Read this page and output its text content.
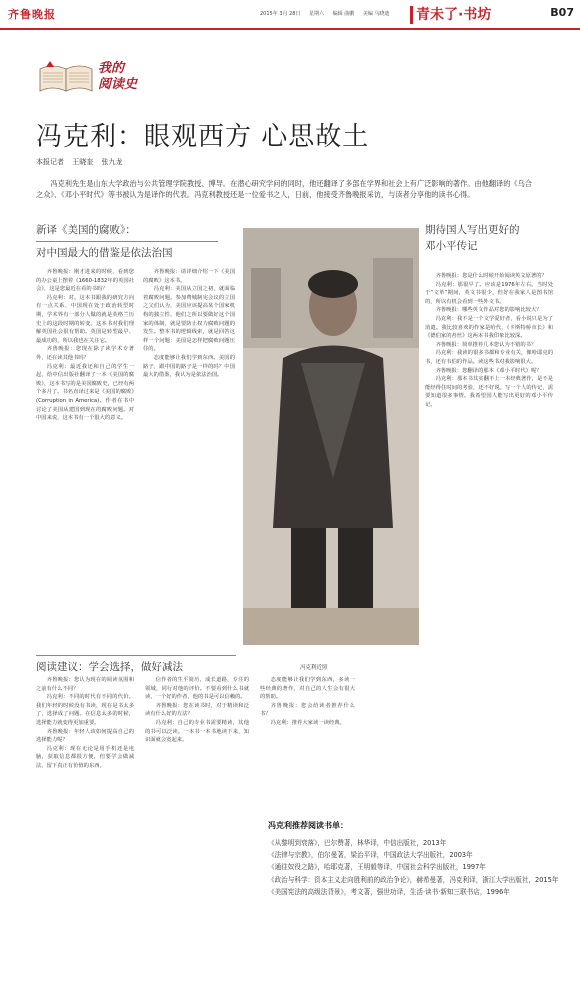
齐鲁晚报	2015年 3月 28日 星期六 编辑 曲鹏 美编 马晓迪	青未了·书坊	B07
我的
阅读史
冯克利：眼观西方 心思故土
本报记者 王晓奎 张九龙
冯克利先生是山东大学政治与公共管理学院教授、博导。在潜心研究学问的同时，他还翻译了多部在学界和社会上有广泛影响的著作。由他翻译的《乌合之众》、《邓小平时代》等书被认为是译作的代表。冯克利教授还是一位爱书之人，日前，他接受齐鲁晚报采访，与读者分享他的读书心得。
新译《美国的腐败》：
对中国最大的借鉴是依法治国

齐鲁晚报：刚才进来的时候，看到您的办公桌上摆着《1660-1832年的英国社会》，这是您最近在看的书吗？

冯克利：对。这本书跟我的研究方向有一点关系，中国现在处于政治转型时期，学术界有一部分人做的就是英格兰历史上的这段时期的转变。这本书对我们理解英国社会很有帮助。英国是转型最早、最成功的，所以我也在关注它。

齐鲁晚报：您现在除了读学术专著外，还在读其他书吗？

冯克利：最近我还和自己的学生一起，给中信出版社翻译了一本《美国的腐败》，这本书写的是美国腐败史，已经有两个多月了。书名直译过来是《美国的腐败》(Corruption in America)。作者在书中讨论了美国从建国到现在的腐败问题。对中国来说，这本书有一个很大的意义。

齐鲁晚报：请详细介绍一下《美国的腐败》这本书。

冯克利：美国从立国之初，就面临着腐败问题。参加费城制宪会议的立国之父们认为，美国应该提高某个国家机构的独立性，他们之所以要做好这个国家的体制，就是要防止权力腐败问题的发生。整本书的逻辑线索，就是回答这样一个问题：美国是怎样把腐败问题压住的。

态度能够让我们学到东西。美国的路子，跟中国的路子是一样的吗？中国最大的借鉴，我认为是依法治国。

冯克利近照
阅读建议：学会选择，做好减法

齐鲁晚报：您认为现在的阅读氛围和之前有什么不同？

冯克利：不同的时代有不同的代价。我们年轻的时候没有书读，现在是书太多了，选择成了问题。在信息太多的时候，选择能力就变得更加重要。

齐鲁晚报：年轻人该如何提高自己的选择能力呢？

冯克利：现在无论是用手机还是电脑，获取信息都很方便，但要学会做减法，留下真正有价值的东西。

信作者的生平简历，成长道路，专注的领域，同行对他的评价。不要看到什么书就读，一个好的作者，他的书是可以信赖的。

齐鲁晚报：您在读书时，对于精读和泛读有什么好的方法？

冯克利：自己的专业书需要精读，其他的书可以泛读。一本书一本书地读下来，知识面就会宽起来。

态度能够让我们学到东西，多读一些经典的著作，对自己的人生会有很大的帮助。

齐鲁晚报：您会给读者推荐什么书？

冯克利：推荐大家读一读经典。

期待国人写出更好的
邓小平传记

齐鲁晚报：您是什么时候开始阅读英文原著的？

冯克利：那很早了。应该是1976年左右。当时处于“文革”期间，英文书很少，但好在我家人是图书馆的，所以有机会看到一些外文书。

齐鲁晚报：哪些英文作品对您的影响比较大？

冯克利：我不是一个文学爱好者，看小说只是为了消遣。我比较喜欢的作家是哈代、《卡斯特桥市长》和《德伯家的苔丝》这两本书我印象比较深。

齐鲁晚报：简单推荐几本您认为不错的书？

冯克利：我读的很多书都和专业有关，像哈耶克的书，还有韦伯的作品。读这些书对我影响很大。

齐鲁晚报：您翻译的那本《邓小平时代》呢？

冯克利：那本书其实翻不上一本经典著作，是不是能经得住时间的考验，还不好说。写一个人的传记，需要知道很多事情。我希望国人能写出更好的邓小平传记。

冯克利推荐阅读书单：
《从黎明到衰落》，巴尔赞著，林华译，中信出版社，2013年
《法律与宗教》，伯尔曼著，梁治平译，中国政法大学出版社，2003年
《通往奴役之路》，哈耶克著，王明毅等译，中国社会科学出版社，1997年
《政治与科学：资本主义走向胜利前的政治争论》，赫希曼著，冯克利译，浙江大学出版社，2015年
《美国宪法的高级法背景》，考文著，强世功译，生活·读书·新知三联书店，1996年
